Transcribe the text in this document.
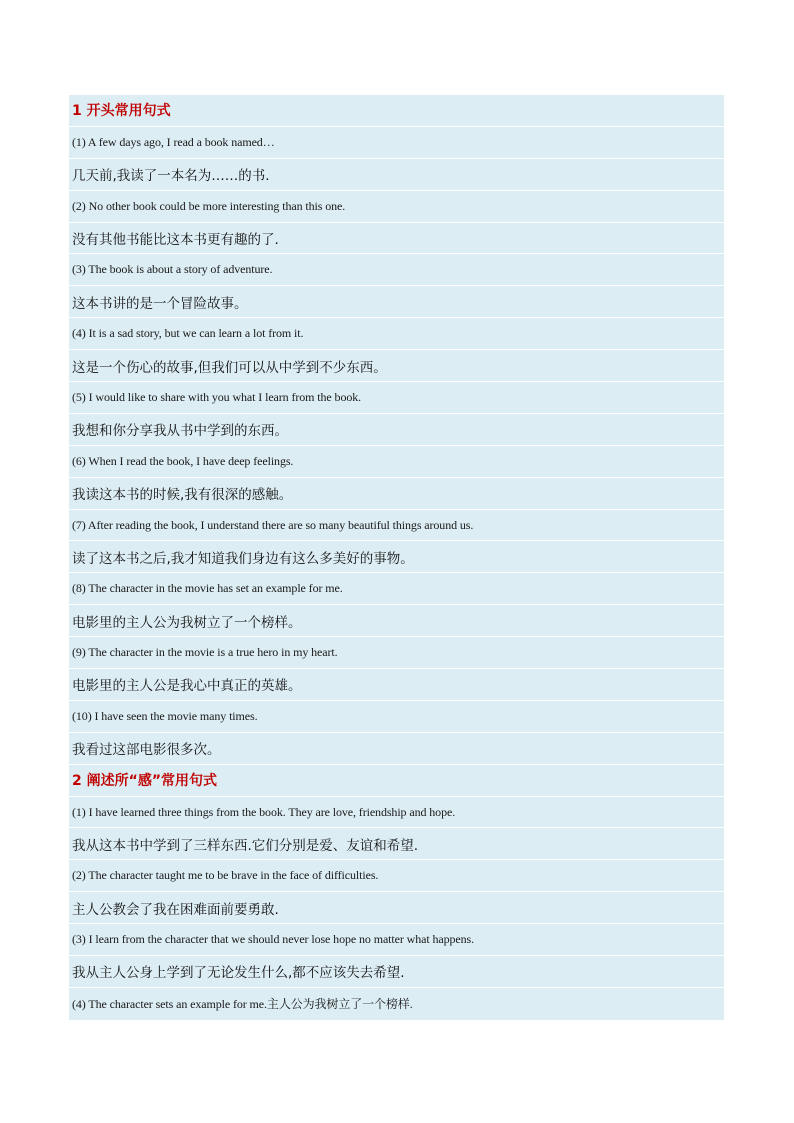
1 开头常用句式
(1) A few days ago, I read a book named…
几天前,我读了一本名为……的书.
(2) No other book could be more interesting than this one.
没有其他书能比这本书更有趣的了.
(3) The book is about a story of adventure.
这本书讲的是一个冒险故事。
(4) It is a sad story, but we can learn a lot from it.
这是一个伤心的故事,但我们可以从中学到不少东西。
(5) I would like to share with you what I learn from the book.
我想和你分享我从书中学到的东西。
(6) When I read the book, I have deep feelings.
我读这本书的时候,我有很深的感触。
(7) After reading the book, I understand there are so many beautiful things around us.
读了这本书之后,我才知道我们身边有这么多美好的事物。
(8) The character in the movie has set an example for me.
电影里的主人公为我树立了一个榜样。
(9) The character in the movie is a true hero in my heart.
电影里的主人公是我心中真正的英雄。
(10) I have seen the movie many times.
我看过这部电影很多次。
2 阐述所“感”常用句式
(1) I have learned three things from the book. They are love, friendship and hope.
我从这本书中学到了三样东西.它们分别是爱、友谊和希望.
(2) The character taught me to be brave in the face of difficulties.
主人公教会了我在困难面前要勇敢.
(3) I learn from the character that we should never lose hope no matter what happens.
我从主人公身上学到了无论发生什么,都不应该失去希望.
(4) The character sets an example for me.主人公为我树立了一个榜样.
